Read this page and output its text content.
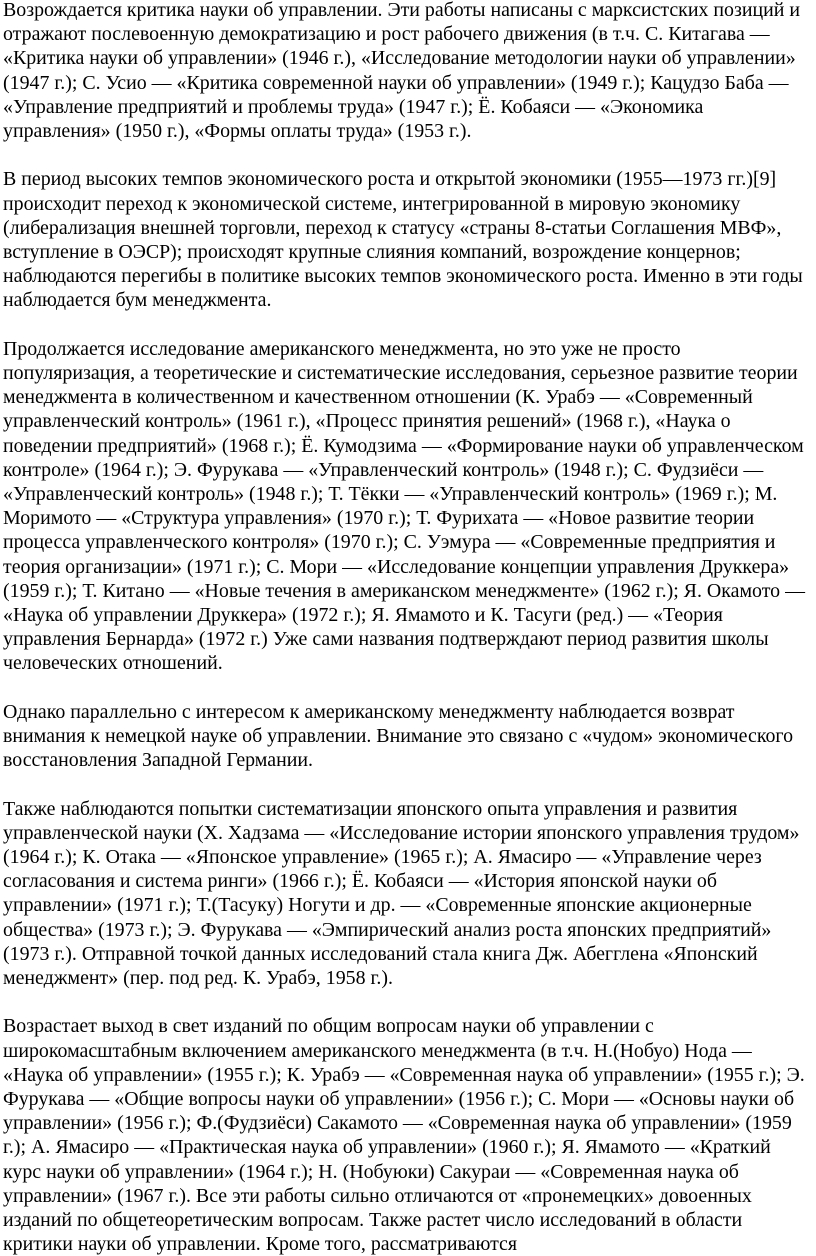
Возрождается критика науки об управлении. Эти работы написаны с марксистских позиций и отражают послевоенную демократизацию и рост рабочего движения (в т.ч. С. Китагава — «Критика науки об управлении» (1946 г.), «Исследование методологии науки об управлении» (1947 г.); С. Усио — «Критика современной науки об управлении» (1949 г.); Кацудзо Баба — «Управление предприятий и проблемы труда» (1947 г.); Ё. Кобаяси — «Экономика управления» (1950 г.), «Формы оплаты труда» (1953 г.).

В период высоких темпов экономического роста и открытой экономики (1955—1973 гг.)[9] происходит переход к экономической системе, интегрированной в мировую экономику (либерализация внешней торговли, переход к статусу «страны 8-статьи Соглашения МВФ», вступление в ОЭСР); происходят крупные слияния компаний, возрождение концернов; наблюдаются перегибы в политике высоких темпов экономического роста. Именно в эти годы наблюдается бум менеджмента.

Продолжается исследование американского менеджмента, но это уже не просто популяризация, а теоретические и систематические исследования, серьезное развитие теории менеджмента в количественном и качественном отношении (К. Урабэ — «Современный управленческий контроль» (1961 г.), «Процесс принятия решений» (1968 г.), «Наука о поведении предприятий» (1968 г.); Ё. Кумодзима — «Формирование науки об управленческом контроле» (1964 г.); Э. Фурукава — «Управленческий контроль» (1948 г.); С. Фудзиёси — «Управленческий контроль» (1948 г.); Т. Тёкки — «Управленческий контроль» (1969 г.); М. Моримото — «Структура управления» (1970 г.); Т. Фурихата — «Новое развитие теории процесса управленческого контроля» (1970 г.); С. Уэмура — «Современные предприятия и теория организации» (1971 г.); С. Мори — «Исследование концепции управления Друккера» (1959 г.); Т. Китано — «Новые течения в американском менеджменте» (1962 г.); Я. Окамото — «Наука об управлении Друккера» (1972 г.); Я. Ямамото и К. Тасуги (ред.) — «Теория управления Бернарда» (1972 г.) Уже сами названия подтверждают период развития школы человеческих отношений.

Однако параллельно с интересом к американскому менеджменту наблюдается возврат внимания к немецкой науке об управлении. Внимание это связано с «чудом» экономического восстановления Западной Германии.

Также наблюдаются попытки систематизации японского опыта управления и развития управленческой науки (Х. Хадзама — «Исследование истории японского управления трудом» (1964 г.); К. Отака — «Японское управление» (1965 г.); А. Ямасиро — «Управление через согласования и система ринги» (1966 г.); Ё. Кобаяси — «История японской науки об управлении» (1971 г.); Т.(Тасуку) Ногути и др. — «Современные японские акционерные общества» (1973 г.); Э. Фурукава — «Эмпирический анализ роста японских предприятий» (1973 г.). Отправной точкой данных исследований стала книга Дж. Абегглена «Японский менеджмент» (пер. под ред. К. Урабэ, 1958 г.).

Возрастает выход в свет изданий по общим вопросам науки об управлении с широкомасштабным включением американского менеджмента (в т.ч. Н.(Нобуо) Нода — «Наука об управлении» (1955 г.); К. Урабэ — «Современная наука об управлении» (1955 г.); Э. Фурукава — «Общие вопросы науки об управлении» (1956 г.); С. Мори — «Основы науки об управлении» (1956 г.); Ф.(Фудзиёси) Сакамото — «Современная наука об управлении» (1959 г.); А. Ямасиро — «Практическая наука об управлении» (1960 г.); Я. Ямамото — «Краткий курс науки об управлении» (1964 г.); Н. (Нобуюки) Сакураи — «Современная наука об управлении» (1967 г.). Все эти работы сильно отличаются от «пронемецких» довоенных изданий по общетеоретическим вопросам. Также растет число исследований в области критики науки об управлении. Кроме того, рассматриваются
